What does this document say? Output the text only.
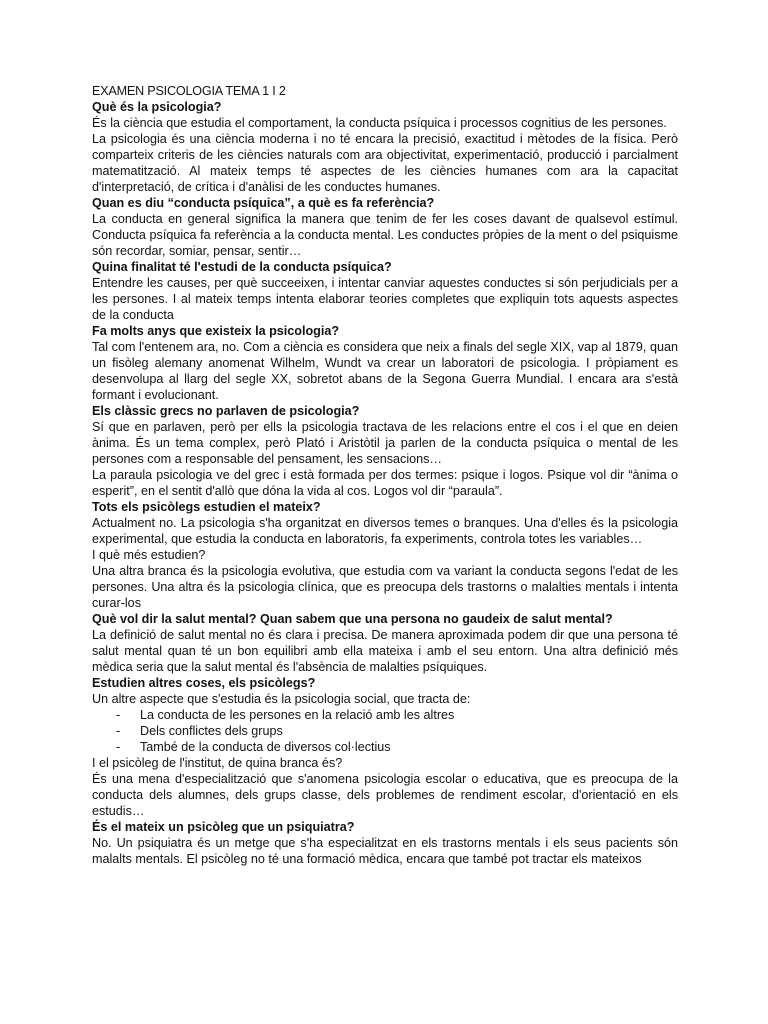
EXAMEN PSICOLOGIA TEMA 1 I 2

Què és la psicologia?

És la ciència que estudia el comportament, la conducta psíquica i processos cognitius de les persones.

La psicologia és una ciència moderna i no té encara la precisió, exactitud i mètodes de la física. Però comparteix criteris de les ciències naturals com ara objectivitat, experimentació, producció i parcialment matematització. Al mateix temps té aspectes de les ciències humanes com ara la capacitat d'interpretació, de crítica i d'anàlisi de les conductes humanes.

Quan es diu “conducta psíquica”, a què es fa referència?

La conducta en general significa la manera que tenim de fer les coses davant de qualsevol estímul. Conducta psíquica fa referència a la conducta mental. Les conductes pròpies de la ment o del psiquisme són recordar, somiar, pensar, sentir…

Quina finalitat té l'estudi de la conducta psíquica?

Entendre les causes, per què succeeixen, i intentar canviar aquestes conductes si són perjudicials per a les persones. I al mateix temps intenta elaborar teories completes que expliquin tots aquests aspectes de la conducta

Fa molts anys que existeix la psicologia?

Tal com l'entenem ara, no. Com a ciència es considera que neix a finals del segle XIX, vap al 1879, quan un fisòleg alemany anomenat Wilhelm, Wundt va crear un laboratori de psicologia. I pròpiament es desenvolupa al llarg del segle XX, sobretot abans de la Segona Guerra Mundial. I encara ara s'està formant i evolucionant.

Els clàssic grecs no parlaven de psicologia?

Sí que en parlaven, però per ells la psicologia tractava de les relacions entre el cos i el que en deien ànima. És un tema complex, però Plató i Aristòtil ja parlen de la conducta psíquica o mental de les persones com a responsable del pensament, les sensacions…

La paraula psicologia ve del grec i està formada per dos termes: psique i logos. Psique vol dir “ànima o esperit”, en el sentit d'allò que dóna la vida al cos. Logos vol dir “paraula”.

Tots els psicòlegs estudien el mateix?

Actualment no. La psicologia s'ha organitzat en diversos temes o branques. Una d'elles és la psicologia experimental, que estudia la conducta en laboratoris, fa experiments, controla totes les variables…

I què més estudien?

Una altra branca és la psicologia evolutiva, que estudia com va variant la conducta segons l'edat de les persones. Una altra és la psicologia clínica, que es preocupa dels trastorns o malalties mentals i intenta curar-los

Què vol dir la salut mental? Quan sabem que una persona no gaudeix de salut mental?

La definició de salut mental no és clara i precisa. De manera aproximada podem dir que una persona té salut mental quan té un bon equilibri amb ella mateixa i amb el seu entorn. Una altra definició més mèdica seria que la salut mental és l'absència de malalties psíquiques.

Estudien altres coses, els psicòlegs?

Un altre aspecte que s'estudia és la psicologia social, que tracta de:

- La conducta de les persones en la relació amb les altres
- Dels conflictes dels grups
- També de la conducta de diversos col·lectius

I el psicòleg de l'institut, de quina branca és?

És una mena d'especialització que s'anomena psicologia escolar o educativa, que es preocupa de la conducta dels alumnes, dels grups classe, dels problemes de rendiment escolar, d'orientació en els estudis…

És el mateix un psicòleg que un psiquiatra?

No. Un psiquiatra és un metge que s'ha especialitzat en els trastorns mentals i els seus pacients són malalts mentals. El psicòleg no té una formació mèdica, encara que també pot tractar els mateixos
